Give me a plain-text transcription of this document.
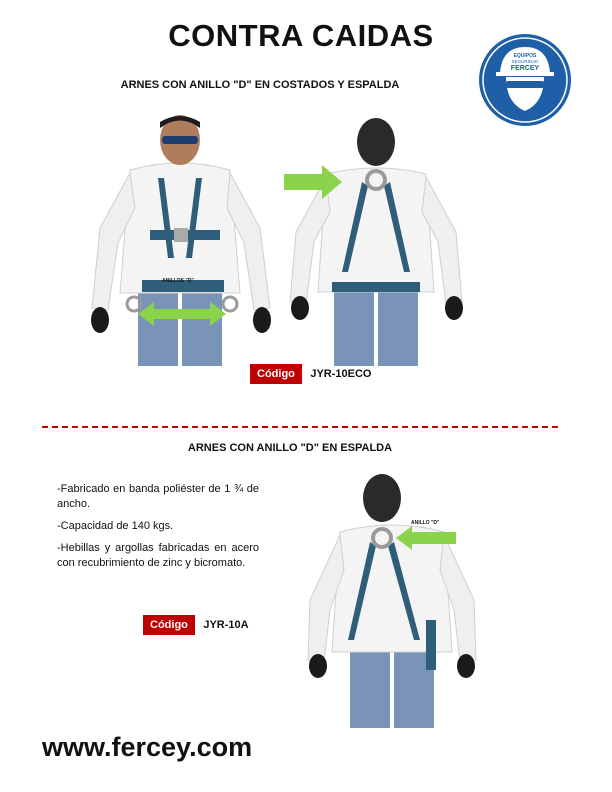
CONTRA CAIDAS
EQUIPOS
SEGURIDAD
FERCEY
ARNES CON ANILLO "D" EN COSTADOS Y ESPALDA
ANILLOS "D"
Código JYR-10ECO
ARNES CON ANILLO "D" EN ESPALDA

-Fabricado en banda poliéster de 1 ¾ de ancho.

-Capacidad de 140 kgs.

-Hebillas y argollas fabricadas en acero con recubrimiento de zinc y bicromato.

Código JYR-10A
ANILLO "D"
www.fercey.com
